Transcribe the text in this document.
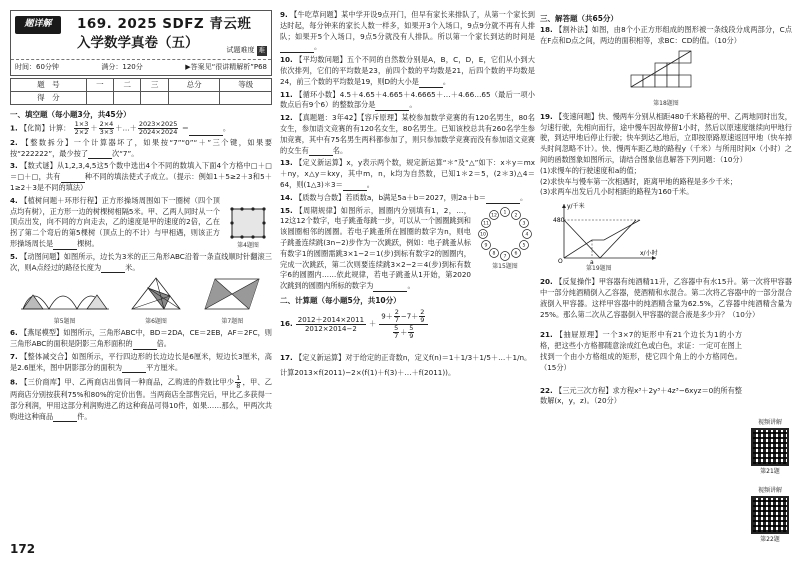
题详解	169. 2025 SDFZ 青云班
入学数学真卷（五）	试题难度 难
时间：60分钟	满分：120分	▶答案见“很讲精解析”P68
题　号	一	二	三	总分	等级
得　分					
一、填空题（每小题3分，共45分）
1. 【化简】计算： $\frac{1\times 3}{2\times 2} + \frac{2\times 4}{3\times 3}$ ＋…＋ $\frac{2023\times 2025}{2024\times 2024}$ ＝	。
2. 【整数拆分】一个计算器坏了，如果按“7”“0”“＋”三个键，如果要按“222222”，最少按了	次“7”。
3. 【数式谜】从1,2,3,4,5这5个数中选出4个不同的数填入下面4个方格中□＋□＝□＋□，共有	种不同的填法使式子成立。（提示：例如1＋5≥2＋3和5＋1≥2＋3是不同的填法）
4. 【植树问题＋环形行程】正方形操场周围如下一圈树（四个顶点均有树），正方形一边的树棵树相隔5米。甲、乙两人同时从一个顶点出发，向不同的方向走去，乙的速度是甲的速度的2倍，乙在拐了第二个弯后的第5棵树（顶点上的不计）与甲相遇，则该正方形操场周长是	棵树。	第4题图
5. 【动图问题】如图所示，边长为3米的正三角形ABC沿着一条直线顺时针翻滚三次，则A点经过的路径长度为	米。
第5题图	第6题图	第7题图
6. 【燕尾模型】如图所示，三角形ABC中，BD＝2DA，CE＝2EB，AF＝2FC，则三角形ABC的面积是阴影三角形面积的	倍。
7. 【整体减交合】如图所示，平行四边形的长边边长是6厘米，短边长3厘米，高是2.6厘米，图中阴影部分的面积为	平方厘米。
8. 【三价商库】甲、乙两商店出售同一种商品，乙购进的件数比甲少 $\frac{1}{8}$ ，甲、乙两商店分别按获利75%和80%的定价出售。当两商店全部售完后，甲比乙多获得一部分利润，甲用这部分利润购进乙的这种商品可得10件，如果……那么，甲两次共购进这种商品	件。
9. 【牛吃草问题】某中学开设9点开门，但早有家长来排队了，从第一个家长到达时起，每分钟来的家长人数一样多，如果开3个入场口，9点9分就不再有人排队；如果开5个入场口，9点5分就没有人排队。所以第一个家长到达的时间是。
10. 【平均数问题】五个不同的自然数分别是A，B，C，D，E，它们从小到大依次排列，它们的平均数是23，前四个数的平均数是21，后四个数的平均数是24，前三个数的平均数是19，则D的大小是	。
11. 【循环小数】4.5＋4.65＋4.665＋4.6665＋…＋4.66…65（最后一项小数点后有9个6）的整数部分是	。
12. 【真题题：3年42】【容斥原理】某校参加数学竞赛的有120名男生，80名女生，参加语文竞赛的有120名女生，80名男生。已知该校总共有260名学生参加竞赛，其中有75名男生两科都参加了，则只参加数学竞赛而没有参加语文竞赛的女生有	名。
13. 【定义新运算】x，y表示两个数，规定新运算“＊”及“△”如下：x＊y＝mx＋ny，x△y＝kxy，其中m，n，k均为自然数，已知1＊2＝5，(2＊3)△4＝64，则(1△3)＊3＝	。
14. 【质数与合数】若质数a，b满足5a＋b＝2027，则2a＋b＝	。
15. 【周期规律】如图所示，圆圈内分别填有1，2，…，12这12个数字，电子跳蚤每跳一步，可以从一个圆圈跳到和该圆圈相邻的圆圈。若电子跳蚤所在圆圈的数字为n，则电子跳蚤连续跳(3n−2)步作为一次跳跃，例如：电子跳蚤从标有数字1的圆圈需跳3×1−2＝1(步)到标有数字2的圆圈内，完成一次跳跃，第二次则要连续跳3×2−2＝4(步)到标有数字6的圆圈内……依此规律，若电子跳蚤从1开始，第2020次跳到的圆圈内所标的数字为	。
1
2
3
4
5
6
7
8
9
10
11
12
第15题图
二、计算题（每小题5分，共10分）
16. $\frac{2012+2014\times 2011}{2012\times 2014-2} + \frac{9+ \frac{2}{7} -7+ \frac{2}{9}}{\frac{5}{7} + \frac{5}{9}}$
17. 【定义新运算】对于给定的正奇数n，定义f(n)＝1＋1/3＋1/5＋…＋1/n。
计算2013×f(2011)−2×(f(1)＋f(3)＋…＋f(2011))。
三、解答题（共65分）
18. 【割补法】如图，由8个小正方形组成的图形被一条线段分成两部分，C点在F点和D点之间，两边的面积相等，求BC：CD的值。（10分）
第18题图
19. 【变速问题】快、慢两车分别从相距480千米路程的甲、乙两地同时出发，匀速行驶，先相向而行，途中慢车因故停留1小时，然后以原速度继续向甲地行驶，到达甲地后停止行驶；快车到达乙地后，立即按原路原速返回甲地（快车掉头时间忽略不计）。快、慢两车距乙地的路程y（千米）与所用时间x（小时）之间的函数图象如图所示，请结合图象信息解答下列问题：（10分）
(1)求慢车的行驶速度和a的值；
(2)求快车与慢车第一次相遇时，距离甲地的路程是多少千米；
(3)求两车出发后几小时相距的路程为160千米。
480
y/千米
x/小时
O	a
第19题图
20. 【反复操作】甲容器有纯酒精11升，乙容器中有水15升。第一次将甲容器中一部分纯酒精倒入乙容器，使酒精和水混合。第二次将乙容器中的一部分混合液倒入甲容器。这样甲容器中的纯酒精含量为62.5%，乙容器中纯酒精含量为25%。那么第二次从乙容器倒入甲容器的混合液是多少升？（10分）
21. 【抽屉原理】一个3×7的矩形中有21个边长为1的小方格，把这些小方格都随意涂成红色或白色，求证：一定可在图上找到一个由小方格组成的矩形，使它四个角上的小方格同色。（15分）
22. 【三元三次方程】求方程x³＋2y³＋4z³−6xyz＝0的所有整数解(x，y，z)。（20分）
视频讲解
第21题
视频讲解
第22题
172
